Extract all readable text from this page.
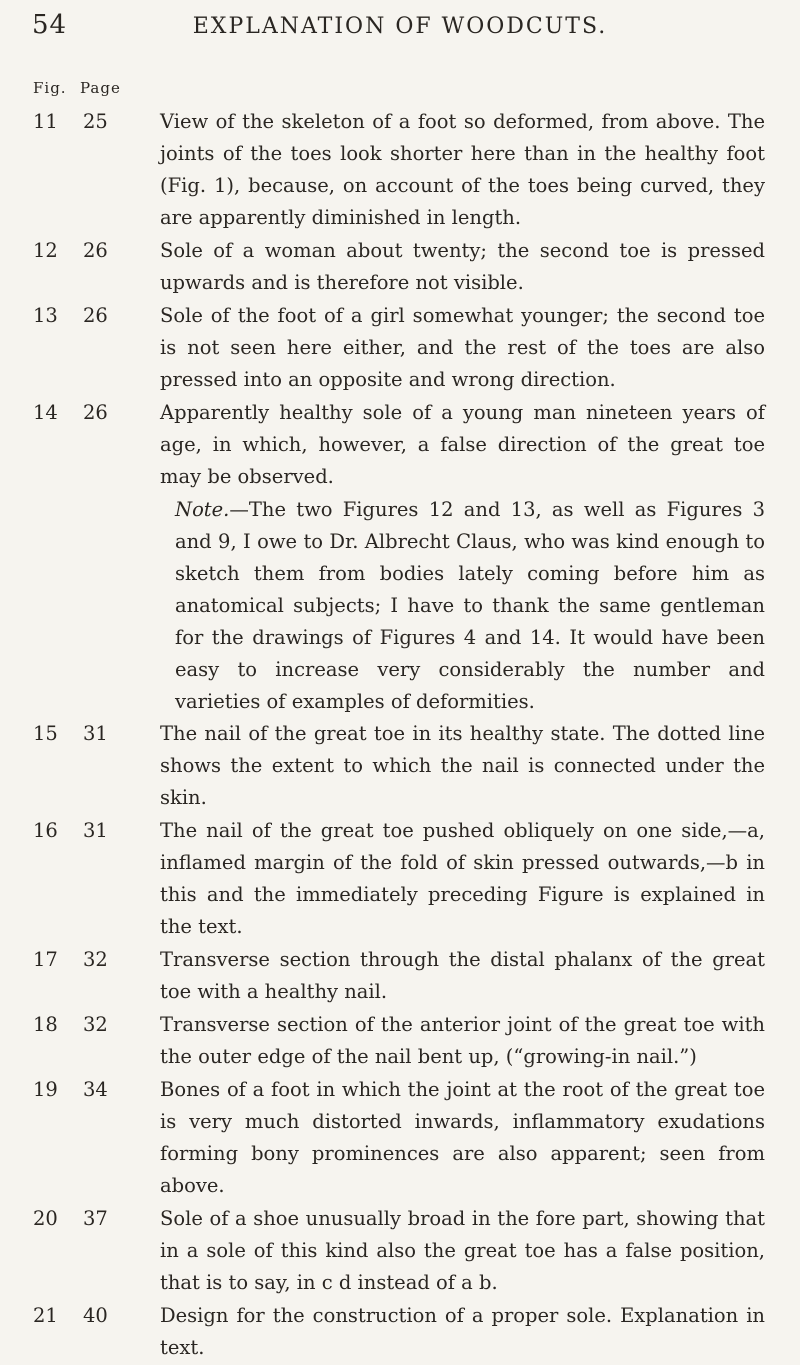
54	EXPLANATION OF WOODCUTS.
Fig. Page
11	25	View of the skeleton of a foot so deformed, from above. The joints of the toes look shorter here than in the healthy foot (Fig. 1), because, on account of the toes being curved, they are apparently diminished in length.
12	26	Sole of a woman about twenty; the second toe is pressed upwards and is therefore not visible.
13	26	Sole of the foot of a girl somewhat younger; the second toe is not seen here either, and the rest of the toes are also pressed into an opposite and wrong direction.
14	26	Apparently healthy sole of a young man nineteen years of age, in which, however, a false direction of the great toe may be observed.
Note.—The two Figures 12 and 13, as well as Figures 3 and 9, I owe to Dr. Albrecht Claus, who was kind enough to sketch them from bodies lately coming before him as anatomical subjects; I have to thank the same gentleman for the drawings of Figures 4 and 14. It would have been easy to increase very considerably the number and varieties of examples of deformities.
15	31	The nail of the great toe in its healthy state. The dotted line shows the extent to which the nail is connected under the skin.
16	31	The nail of the great toe pushed obliquely on one side,—a, inflamed margin of the fold of skin pressed outwards,—b in this and the immediately preceding Figure is explained in the text.
17	32	Transverse section through the distal phalanx of the great toe with a healthy nail.
18	32	Transverse section of the anterior joint of the great toe with the outer edge of the nail bent up, (“growing-in nail.”)
19	34	Bones of a foot in which the joint at the root of the great toe is very much distorted inwards, inflammatory exudations forming bony prominences are also apparent; seen from above.
20	37	Sole of a shoe unusually broad in the fore part, showing that in a sole of this kind also the great toe has a false position, that is to say, in c d instead of a b.
21	40	Design for the construction of a proper sole. Explanation in text.
